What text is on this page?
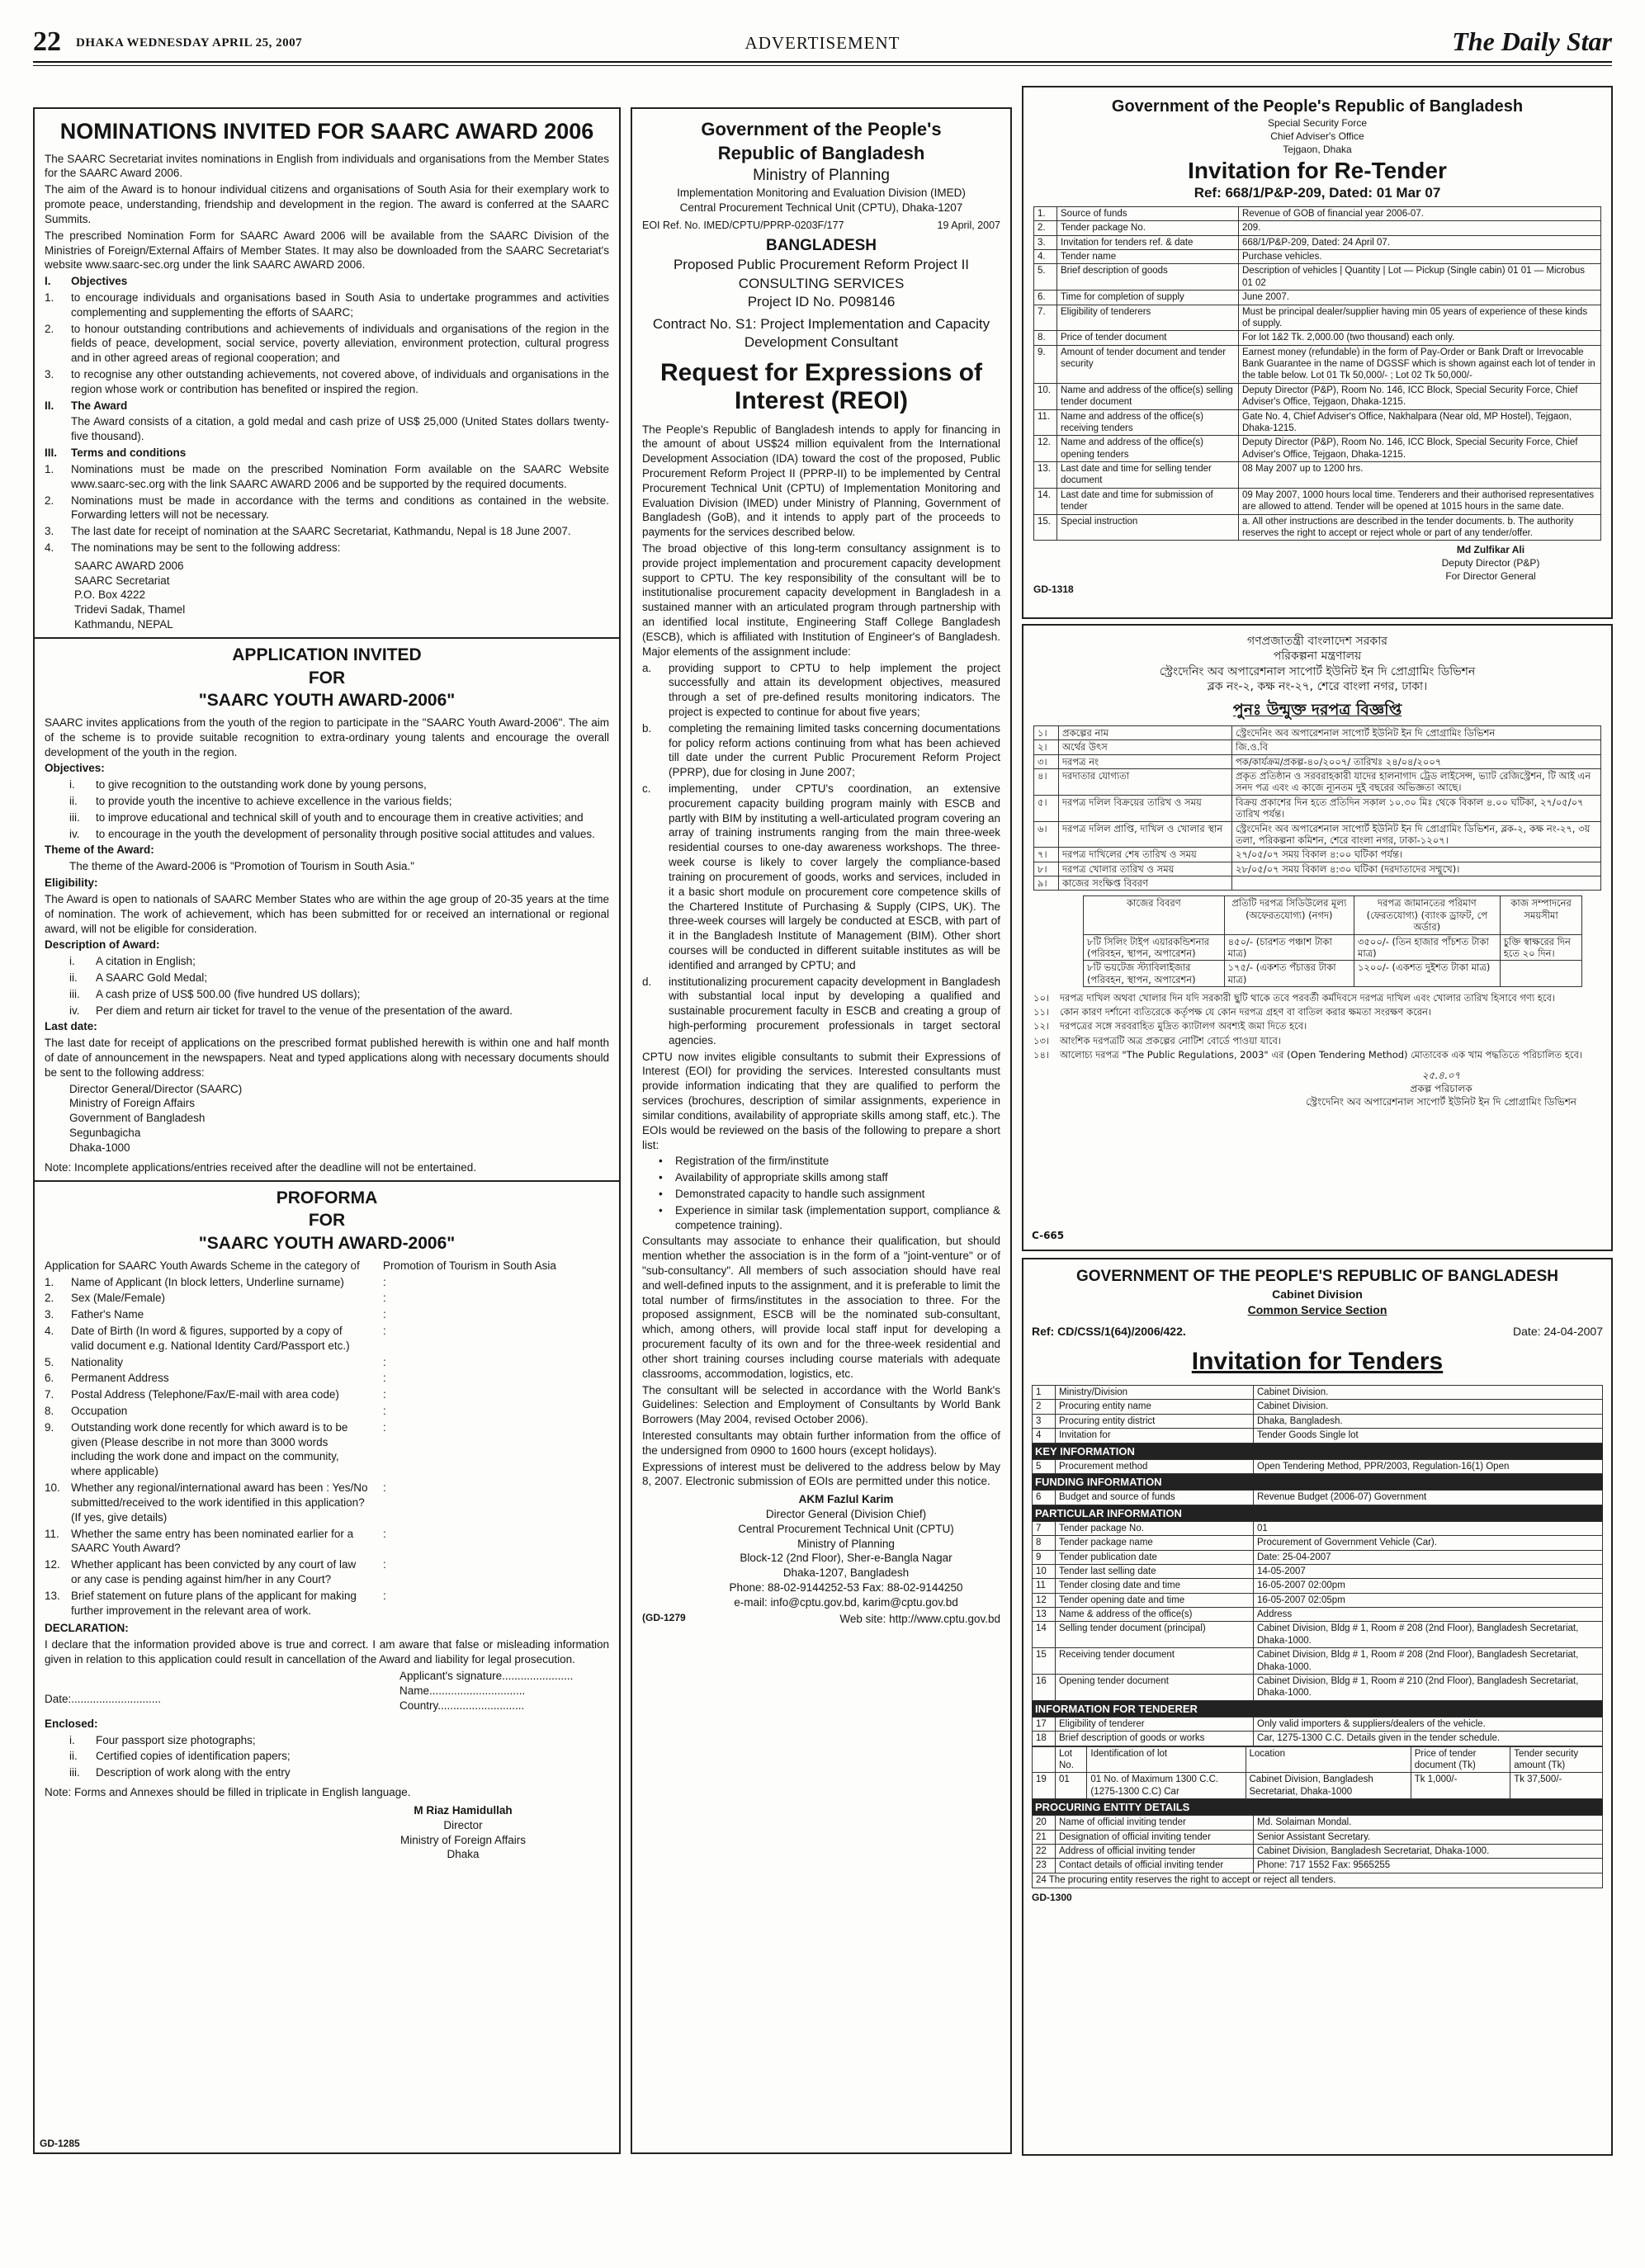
22 DHAKA WEDNESDAY APRIL 25, 2007	ADVERTISEMENT	The Daily Star
NOMINATIONS INVITED FOR SAARC AWARD 2006

The SAARC Secretariat invites nominations in English from individuals and organisations from the Member States for the SAARC Award 2006.

The aim of the Award is to honour individual citizens and organisations of South Asia for their exemplary work to promote peace, understanding, friendship and development in the region. The award is conferred at the SAARC Summits.

The prescribed Nomination Form for SAARC Award 2006 will be available from the SAARC Division of the Ministries of Foreign/External Affairs of Member States. It may also be downloaded from the SAARC Secretariat's website www.saarc-sec.org under the link SAARC AWARD 2006.

I.	Objectives
1.	to encourage individuals and organisations based in South Asia to undertake programmes and activities complementing and supplementing the efforts of SAARC;
2.	to honour outstanding contributions and achievements of individuals and organisations of the region in the fields of peace, development, social service, poverty alleviation, environment protection, cultural progress and in other agreed areas of regional cooperation; and
3.	to recognise any other outstanding achievements, not covered above, of individuals and organisations in the region whose work or contribution has benefited or inspired the region.
II.	The Award
The Award consists of a citation, a gold medal and cash prize of US$ 25,000 (United States dollars twenty-five thousand).
III.	Terms and conditions
1.	Nominations must be made on the prescribed Nomination Form available on the SAARC Website www.saarc-sec.org with the link SAARC AWARD 2006 and be supported by the required documents.
2.	Nominations must be made in accordance with the terms and conditions as contained in the website. Forwarding letters will not be necessary.
3.	The last date for receipt of nomination at the SAARC Secretariat, Kathmandu, Nepal is 18 June 2007.
4.	The nominations may be sent to the following address:
SAARC AWARD 2006
SAARC Secretariat
P.O. Box 4222
Tridevi Sadak, Thamel
Kathmandu, NEPAL
APPLICATION INVITED
FOR
"SAARC YOUTH AWARD-2006"

SAARC invites applications from the youth of the region to participate in the "SAARC Youth Award-2006". The aim of the scheme is to provide suitable recognition to extra-ordinary young talents and encourage the overall development of the youth in the region.

Objectives:
i.	to give recognition to the outstanding work done by young persons,
ii.	to provide youth the incentive to achieve excellence in the various fields;
iii.	to improve educational and technical skill of youth and to encourage them in creative activities; and
iv.	to encourage in the youth the development of personality through positive social attitudes and values.
Theme of the Award:

The theme of the Award-2006 is "Promotion of Tourism in South Asia."

Eligibility:

The Award is open to nationals of SAARC Member States who are within the age group of 20-35 years at the time of nomination. The work of achievement, which has been submitted for or received an international or regional award, will not be eligible for consideration.

Description of Award:
i.	A citation in English;
ii.	A SAARC Gold Medal;
iii.	A cash prize of US$ 500.00 (five hundred US dollars);
iv.	Per diem and return air ticket for travel to the venue of the presentation of the award.
Last date:

The last date for receipt of applications on the prescribed format published herewith is within one and half month of date of announcement in the newspapers. Neat and typed applications along with necessary documents should be sent to the following address:

Director General/Director (SAARC)
Ministry of Foreign Affairs
Government of Bangladesh
Segunbagicha
Dhaka-1000
Note: Incomplete applications/entries received after the deadline will not be entertained.
PROFORMA
FOR
"SAARC YOUTH AWARD-2006"
Application for SAARC Youth Awards Scheme in the category of	Promotion of Tourism in South Asia
1.	Name of Applicant (In block letters, Underline surname)	:
2.	Sex (Male/Female)	:
3.	Father's Name	:
4.	Date of Birth (In word & figures, supported by a copy of valid document e.g. National Identity Card/Passport etc.)
:
5.	Nationality	:
6.	Permanent Address	:
7.	Postal Address (Telephone/Fax/E-mail with area code)	:
8.	Occupation	:
9.	Outstanding work done recently for which award is to be given (Please describe in not more than 3000 words including the work done and impact on the community, where applicable)
:
10. Whether any regional/international award has been : Yes/No submitted/received to the work identified in this application? (If yes, give details)
:
11.	Whether the same entry has been nominated earlier for a SAARC Youth Award?
:
12. Whether applicant has been convicted by any court of law or any case is pending against him/her in any Court?
:
13. Brief statement on future plans of the applicant for making further improvement in the relevant area of work.
:
DECLARATION:

I declare that the information provided above is true and correct. I am aware that false or misleading information given in relation to this application could result in cancellation of the Award and liability for legal prosecution.

Applicant's signature.......................
Name...............................
Date:.............................
Country............................
Enclosed:
i.	Four passport size photographs;
ii.	Certified copies of identification papers;
iii.	Description of work along with the entry
Note: Forms and Annexes should be filled in triplicate in English language.
M Riaz Hamidullah
Director
Ministry of Foreign Affairs
Dhaka
GD-1285
Government of the People's
Republic of Bangladesh
Ministry of Planning
Implementation Monitoring and Evaluation Division (IMED)
Central Procurement Technical Unit (CPTU), Dhaka-1207
EOI Ref. No. IMED/CPTU/PPRP-0203F/177	19 April, 2007
BANGLADESH
Proposed Public Procurement Reform Project II
CONSULTING SERVICES
Project ID No. P098146
Contract No. S1: Project Implementation and Capacity Development Consultant
Request for Expressions of
Interest (REOI)

The People's Republic of Bangladesh intends to apply for financing in the amount of about US$24 million equivalent from the International Development Association (IDA) toward the cost of the proposed, Public Procurement Reform Project II (PPRP-II) to be implemented by Central Procurement Technical Unit (CPTU) of Implementation Monitoring and Evaluation Division (IMED) under Ministry of Planning, Government of Bangladesh (GoB), and it intends to apply part of the proceeds to payments for the services described below.

The broad objective of this long-term consultancy assignment is to provide project implementation and procurement capacity development support to CPTU. The key responsibility of the consultant will be to institutionalise procurement capacity development in Bangladesh in a sustained manner with an articulated program through partnership with an identified local institute, Engineering Staff College Bangladesh (ESCB), which is affiliated with Institution of Engineer's of Bangladesh. Major elements of the assignment include:

a.	providing support to CPTU to help implement the project successfully and attain its development objectives, measured through a set of pre-defined results monitoring indicators. The project is expected to continue for about five years;
b.	completing the remaining limited tasks concerning documentations for policy reform actions continuing from what has been achieved till date under the current Public Procurement Reform Project (PPRP), due for closing in June 2007;
c.	implementing, under CPTU's coordination, an extensive procurement capacity building program mainly with ESCB and partly with BIM by instituting a well-articulated program covering an array of training instruments ranging from the main three-week residential courses to one-day awareness workshops. The three-week course is likely to cover largely the compliance-based training on procurement of goods, works and services, included in it a basic short module on procurement core competence skills of the Chartered Institute of Purchasing & Supply (CIPS, UK). The three-week courses will largely be conducted at ESCB, with part of it in the Bangladesh Institute of Management (BIM). Other short courses will be conducted in different suitable institutes as will be identified and arranged by CPTU; and
d.	institutionalizing procurement capacity development in Bangladesh with substantial local input by developing a qualified and sustainable procurement faculty in ESCB and creating a group of high-performing procurement professionals in target sectoral agencies.

CPTU now invites eligible consultants to submit their Expressions of Interest (EOI) for providing the services. Interested consultants must provide information indicating that they are qualified to perform the services (brochures, description of similar assignments, experience in similar conditions, availability of appropriate skills among staff, etc.). The EOIs would be reviewed on the basis of the following to prepare a short list:

•	Registration of the firm/institute
•	Availability of appropriate skills among staff
•	Demonstrated capacity to handle such assignment
•	Experience in similar task (implementation support, compliance & competence training).

Consultants may associate to enhance their qualification, but should mention whether the association is in the form of a "joint-venture" or of "sub-consultancy". All members of such association should have real and well-defined inputs to the assignment, and it is preferable to limit the total number of firms/institutes in the association to three. For the proposed assignment, ESCB will be the nominated sub-consultant, which, among others, will provide local staff input for developing a procurement faculty of its own and for the three-week residential and other short training courses including course materials with adequate classrooms, accommodation, logistics, etc.

The consultant will be selected in accordance with the World Bank's Guidelines: Selection and Employment of Consultants by World Bank Borrowers (May 2004, revised October 2006).

Interested consultants may obtain further information from the office of the undersigned from 0900 to 1600 hours (except holidays).

Expressions of interest must be delivered to the address below by May 8, 2007. Electronic submission of EOIs are permitted under this notice.

AKM Fazlul Karim
Director General (Division Chief)
Central Procurement Technical Unit (CPTU)
Ministry of Planning
Block-12 (2nd Floor), Sher-e-Bangla Nagar
Dhaka-1207, Bangladesh
Phone: 88-02-9144252-53 Fax: 88-02-9144250
e-mail: info@cptu.gov.bd, karim@cptu.gov.bd
(GD-1279	Web site: http://www.cptu.gov.bd
Government of the People's Republic of Bangladesh
Special Security Force
Chief Adviser's Office
Tejgaon, Dhaka
Invitation for Re-Tender
Ref: 668/1/P&P-209, Dated: 01 Mar 07
1.	Source of funds	Revenue of GOB of financial year 2006-07.
2.	Tender package No.	209.
3.	Invitation for tenders ref. & date	668/1/P&P-209, Dated: 24 April 07.
4.	Tender name	Purchase vehicles.
5.	Brief description of goods	Description of vehicles | Quantity | Lot — Pickup (Single cabin) 01 01 — Microbus 01 02
6.	Time for completion of supply	June 2007.
7.	Eligibility of tenderers	Must be principal dealer/supplier having min 05 years of experience of these kinds of supply.
8.	Price of tender document	For lot 1&2 Tk. 2,000.00 (two thousand) each only.
9.	Amount of tender document and tender security	Earnest money (refundable) in the form of Pay-Order or Bank Draft or Irrevocable Bank Guarantee in the name of DGSSF which is shown against each lot of tender in the table below. Lot 01 Tk 50,000/- ; Lot 02 Tk 50,000/-
10.	Name and address of the office(s) selling tender document	Deputy Director (P&P), Room No. 146, ICC Block, Special Security Force, Chief Adviser's Office, Tejgaon, Dhaka-1215.
11.	Name and address of the office(s) receiving tenders	Gate No. 4, Chief Adviser's Office, Nakhalpara (Near old, MP Hostel), Tejgaon, Dhaka-1215.
12.	Name and address of the office(s) opening tenders	Deputy Director (P&P), Room No. 146, ICC Block, Special Security Force, Chief Adviser's Office, Tejgaon, Dhaka-1215.
13.	Last date and time for selling tender document	08 May 2007 up to 1200 hrs.
14.	Last date and time for submission of tender	09 May 2007, 1000 hours local time. Tenderers and their authorised representatives are allowed to attend. Tender will be opened at 1015 hours in the same date.
15.	Special instruction	a. All other instructions are described in the tender documents. b. The authority reserves the right to accept or reject whole or part of any tender/offer.
Md Zulfikar Ali
Deputy Director (P&P)
For Director General
GD-1318
গণপ্রজাতন্ত্রী বাংলাদেশ সরকার
পরিকল্পনা মন্ত্রণালয়
স্ট্রেংদেনিং অব অপারেশনাল সাপোর্ট ইউনিট ইন দি প্রোগ্রামিং ডিভিশন
ব্লক নং-২, কক্ষ নং-২৭, শেরে বাংলা নগর, ঢাকা।
পুনঃ উন্মুক্ত দরপত্র বিজ্ঞপ্তি
১।	প্রকল্পের নাম	স্ট্রেংদেনিং অব অপারেশনাল সাপোর্ট ইউনিট ইন দি প্রোগ্রামিং ডিভিশন
২।	অর্থের উৎস	জি.ও.বি
৩।	দরপত্র নং	পক/কার্যক্রম/প্রকল্প-৪০/২০০৭/ তারিখঃ ২৪/০৪/২০০৭
৪।	দরদাতার যোগ্যতা	প্রকৃত প্রতিষ্ঠান ও সরবরাহকারী যাদের হালনাগাদ ট্রেড লাইসেন্স, ভ্যাট রেজিস্ট্রেশন, টি আই এন সনদ পত্র এবং এ কাজে ন্যূনতম দুই বছরের অভিজ্ঞতা আছে।
৫।	দরপত্র দলিল বিক্রয়ের তারিখ ও সময়	বিক্রয় প্রকাশের দিন হতে প্রতিদিন সকাল ১০.৩০ মিঃ থেকে বিকাল ৪.০০ ঘটিকা, ২৭/০৫/০৭ তারিখ পর্যন্ত।
৬।	দরপত্র দলিল প্রাপ্তি, দাখিল ও খোলার স্থান	স্ট্রেংদেনিং অব অপারেশনাল সাপোর্ট ইউনিট ইন দি প্রোগ্রামিং ডিভিশন, ব্লক-২, কক্ষ নং-২৭, ৩য় তলা, পরিকল্পনা কমিশন, শেরে বাংলা নগর, ঢাকা-১২০৭।
৭।	দরপত্র দাখিলের শেষ তারিখ ও সময়	২৭/০৫/০৭ সময় বিকাল ৪:০০ ঘটিকা পর্যন্ত।
৮।	দরপত্র খোলার তারিখ ও সময়	২৮/০৫/০৭ সময় বিকাল ৪:৩০ ঘটিকা (দরদাতাদের সম্মুখে)।
৯।	কাজের সংক্ষিপ্ত বিবরণ	
কাজের বিবরণ	প্রতিটি দরপত্র সিডিউলের মূল্য (অফেরতযোগ্য) (নগদ)	দরপত্র জামানতের পরিমাণ (ফেরতযোগ্য) (ব্যাংক ড্রাফট, পে অর্ডার)	কাজ সম্পাদনের সময়সীমা
৮টি সিলিং টাইপ এয়ারকন্ডিশনার (পরিবহন, স্থাপন, অপারেশন)	৪৫০/- (চারশত পঞ্চাশ টাকা মাত্র)	৩৫০০/- (তিন হাজার পাঁচশত টাকা মাত্র)	চুক্তি স্বাক্ষরের দিন হতে ২০ দিন।
৮টি ভয়টেজ স্ট্যাবিলাইজার (পরিবহন, স্থাপন, অপারেশন)	১৭৫/- (একশত পঁচাত্তর টাকা মাত্র)	১২০০/- (একশত দুইশত টাকা মাত্র)	
১০।	দরপত্র দাখিল অথবা খোলার দিন যদি সরকারী ছুটি থাকে তবে পরবর্তী কর্মদিবসে দরপত্র দাখিল এবং খোলার তারিখ হিসাবে গণ্য হবে।
১১।	কোন কারণ দর্শানো ব্যতিরেকে কর্তৃপক্ষ যে কোন দরপত্র গ্রহণ বা বাতিল করার ক্ষমতা সংরক্ষণ করেন।
১২।	দরপত্রের সঙ্গে সরবরাহিত মুদ্রিত ক্যাটালগ অবশ্যই জমা দিতে হবে।
১৩।	আংশিক দরপত্রটি অত্র প্রকল্পের নোটিশ বোর্ডে পাওয়া যাবে।
১৪।	আলোচ্য দরপত্র "The Public Regulations, 2003" এর (Open Tendering Method) মোতাবেক এক খাম পদ্ধতিতে পরিচালিত হবে।
২৫.৪.০৭
প্রকল্প পরিচালক
স্ট্রেংদেনিং অব অপারেশনাল সাপোর্ট ইউনিট ইন দি প্রোগ্রামিং ডিভিশন
C-665
GOVERNMENT OF THE PEOPLE'S REPUBLIC OF BANGLADESH
Cabinet Division
Common Service Section
Ref: CD/CSS/1(64)/2006/422.	Date: 24-04-2007
Invitation for Tenders
1	Ministry/Division	Cabinet Division.
2	Procuring entity name	Cabinet Division.
3	Procuring entity district	Dhaka, Bangladesh.
4	Invitation for	Tender Goods Single lot
KEY INFORMATION
5	Procurement method	Open Tendering Method, PPR/2003, Regulation-16(1) Open
FUNDING INFORMATION
6	Budget and source of funds	Revenue Budget (2006-07) Government
PARTICULAR INFORMATION
7	Tender package No.	01
8	Tender package name	Procurement of Government Vehicle (Car).
9	Tender publication date	Date: 25-04-2007
10	Tender last selling date	14-05-2007
11	Tender closing date and time	16-05-2007 02:00pm
12	Tender opening date and time	16-05-2007 02:05pm
13	Name & address of the office(s)	Address
14	Selling tender document (principal)	Cabinet Division, Bldg # 1, Room # 208 (2nd Floor), Bangladesh Secretariat, Dhaka-1000.
15	Receiving tender document	Cabinet Division, Bldg # 1, Room # 208 (2nd Floor), Bangladesh Secretariat, Dhaka-1000.
16	Opening tender document	Cabinet Division, Bldg # 1, Room # 210 (2nd Floor), Bangladesh Secretariat, Dhaka-1000.
INFORMATION FOR TENDERER
17	Eligibility of tenderer	Only valid importers & suppliers/dealers of the vehicle.
18	Brief description of goods or works	Car, 1275-1300 C.C. Details given in the tender schedule.
	Lot No.	Identification of lot	Location	Price of tender document (Tk)	Tender security amount (Tk)
19	01	01 No. of Maximum 1300 C.C.(1275-1300 C.C) Car	Cabinet Division, Bangladesh Secretariat, Dhaka-1000	Tk 1,000/-	Tk 37,500/-
PROCURING ENTITY DETAILS
20	Name of official inviting tender	Md. Solaiman Mondal.
21	Designation of official inviting tender	Senior Assistant Secretary.
22	Address of official inviting tender	Cabinet Division, Bangladesh Secretariat, Dhaka-1000.
23	Contact details of official inviting tender	Phone: 717 1552 Fax: 9565255
24 The procuring entity reserves the right to accept or reject all tenders.
GD-1300
